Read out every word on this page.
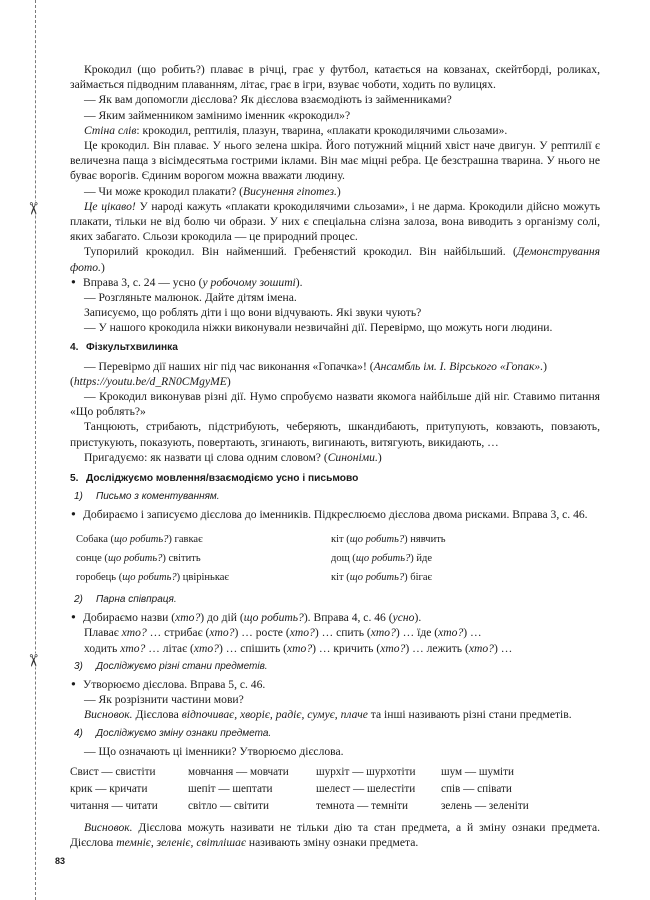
✂
✂

Крокодил (що робить?) плаває в річці, грає у футбол, катається на ковзанах, скейтборді, роликах, займається підводним плаванням, літає, грає в ігри, взуває чоботи, ходить по вулицях.

— Як вам допомогли дієслова? Як дієслова взаємодіють із займенниками?

— Яким займенником замінимо іменник «крокодил»?

Стіна слів: крокодил, рептилія, плазун, тварина, «плакати крокодилячими сльозами».

Це крокодил. Він плаває. У нього зелена шкіра. Його потужний міцний хвіст наче двигун. У рептилії є величезна паща з вісімдесятьма гострими іклами. Він має міцні ребра. Це безстрашна тварина. У нього не буває ворогів. Єдиним ворогом можна вважати людину.

— Чи може крокодил плакати? (Висунення гіпотез.)

Це цікаво! У народі кажуть «плакати крокодилячими сльозами», і не дарма. Крокодили дійсно можуть плакати, тільки не від болю чи образи. У них є спеціальна слізна залоза, вона виводить з організму солі, яких забагато. Сльози крокодила — це природний процес.

Тупорилий крокодил. Він найменший. Гребенястий крокодил. Він найбільший. (Демонстрування фото.)

• Вправа 3, с. 24 — усно (у робочому зошиті).

— Розгляньте малюнок. Дайте дітям імена.

Записуємо, що роблять діти і що вони відчувають. Які звуки чують?

— У нашого крокодила ніжки виконували незвичайні дії. Перевірмо, що можуть ноги людини.

4. Фізкультхвилинка

— Перевірмо дії наших ніг під час виконання «Гопачка»! (Ансамбль ім. І. Вірського «Гопак».)

(https://youtu.be/d_RN0CMgyME)

— Крокодил виконував різні дії. Нумо спробуємо назвати якомога найбільше дій ніг. Ставимо питання «Що роблять?»

Танцюють, стрибають, підстрибують, чеберяють, шкандибають, притупують, ковзають, повзають, пристукують, показують, повертають, згинають, вигинають, витягують, викидають, …

Пригадуємо: як назвати ці слова одним словом? (Синоніми.)

5. Досліджуємо мовлення/взаємодіємо усно і письмово
1) Письмо з коментуванням.

• Добираємо і записуємо дієслова до іменників. Підкреслюємо дієслова двома рисками. Вправа 3, с. 46.

Собака (що робить?) гавкає	кіт (що робить?) нявчить
сонце (що робить?) світить	дощ (що робить?) йде
горобець (що робить?) цвірінькає	кіт (що робить?) бігає
2) Парна співпраця.

• Добираємо назви (хто?) до дій (що робить?). Вправа 4, с. 46 (усно).

Плаває хто? … стрибає (хто?) … росте (хто?) … спить (хто?) … їде (хто?) …

ходить хто? … літає (хто?) … спішить (хто?) … кричить (хто?) … лежить (хто?) …

3) Досліджуємо різні стани предметів.

• Утворюємо дієслова. Вправа 5, с. 46.

— Як розрізнити частини мови?

Висновок. Дієслова відпочиває, хворіє, радіє, сумує, плаче та інші називають різні стани предметів.

4) Досліджуємо зміну ознаки предмета.

— Що означають ці іменники? Утворюємо дієслова.

Свист — свистіти	мовчання — мовчати	шурхіт — шурхотіти	шум — шуміти
крик — кричати	шепіт — шептати	шелест — шелестіти	спів — співати
читання — читати	світло — світити	темнота — темніти	зелень — зеленіти

Висновок. Дієслова можуть називати не тільки дію та стан предмета, а й зміну ознаки предмета. Дієслова темніє, зеленіє, світлішає називають зміну ознаки предмета.

83
